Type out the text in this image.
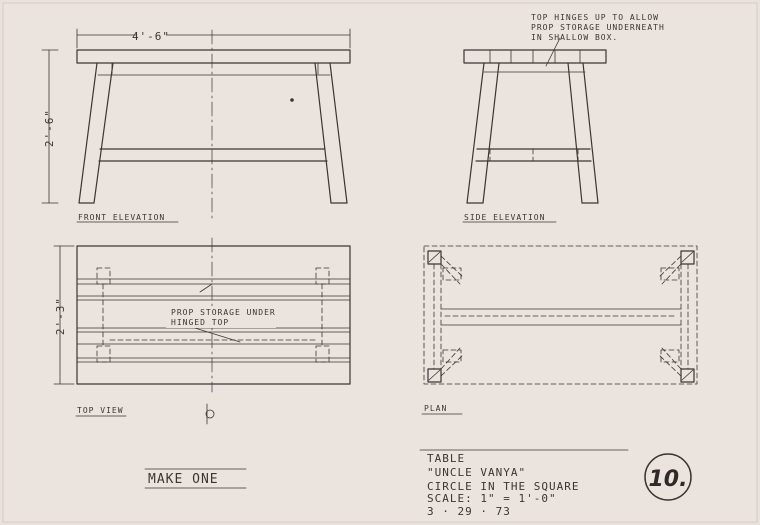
4'-6"
2'-6"
FRONT ELEVATION
TOP HINGES UP TO ALLOW
PROP STORAGE UNDERNEATH
IN SHALLOW BOX.
SIDE ELEVATION
PROP STORAGE UNDER
HINGED TOP
2'-3"
TOP VIEW	PLAN
MAKE ONE
TABLE
"UNCLE VANYA"
CIRCLE IN THE SQUARE
SCALE: 1" = 1'-0"
3 · 29 · 73
10.
